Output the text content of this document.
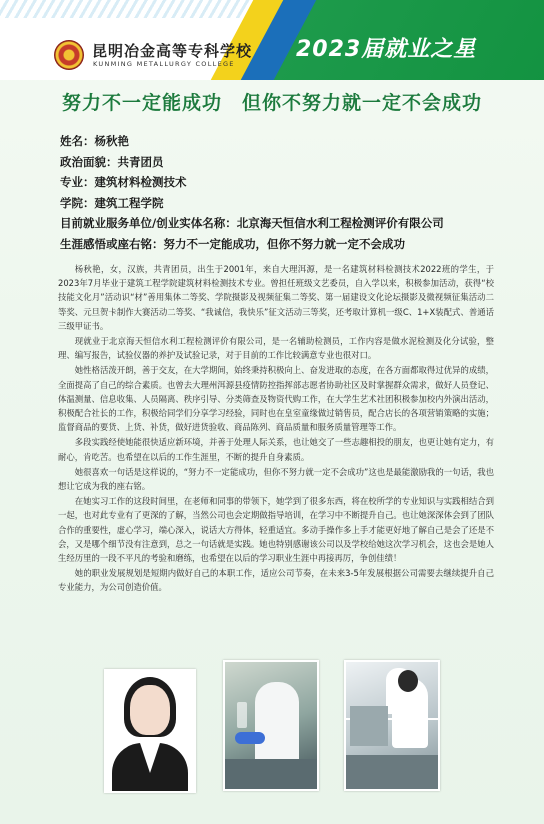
昆明冶金高等专科学校
KUNMING METALLURGY COLLEGE
2023届就业之星
努力不一定能成功　但你不努力就一定不会成功
姓名：杨秋艳
政治面貌：共青团员
专业：建筑材料检测技术
学院：建筑工程学院
目前就业服务单位/创业实体名称：北京海天恒信水利工程检测评价有限公司
生涯感悟或座右铭：努力不一定能成功，但你不努力就一定不会成功

杨秋艳，女，汉族，共青团员，出生于2001年，来自大理洱源，是一名建筑材料检测技术2022班的学生，于2023年7月毕业于建筑工程学院建筑材料检测技术专业。曾担任班级文艺委员，自入学以来，积极参加活动，获得“校技能文化月”活动识“材”善用集体二等奖、学院摄影及视频征集二等奖、第一届建设文化论坛摄影及微视频征集活动二等奖、元旦贺卡制作大赛活动二等奖、“我诚信，我快乐”征文活动三等奖，还考取计算机一级C、1+X装配式、普通话三级甲证书。

现就业于北京海天恒信水利工程检测评价有限公司，是一名辅助检测员，工作内容是做水泥检测及化分试验，整理、编写报告，试验仪器的养护及试验记录，对于目前的工作比较满意专业也很对口。

她性格活泼开朗，善于交友，在大学期间，始终秉持积极向上、奋发进取的态度，在各方面都取得过优异的成绩，全面提高了自己的综合素质。也曾去大理州洱源县疫情防控指挥部志愿者协助社区及时掌握群众需求，做好人员登记、体温测量、信息收集、人员隔离、秩序引导、分类筛查及物资代购工作，在大学生艺术社团积极参加校内外演出活动，积极配合社长的工作，积极给同学们分享学习经验，同时也在皇室童缘做过销售员，配合店长的各项营销策略的实施；监督商品的要货、上货、补货，做好进货验收、商品陈列、商品质量和服务质量管理等工作。

多段实践经使她能很快适应新环境，并善于处理人际关系，也让她交了一些志趣相投的朋友，也更让她有定力，有耐心，肯吃苦。也希望在以后的工作生涯里，不断的提升自身素质。

她很喜欢一句话是这样说的，“努力不一定能成功，但你不努力就一定不会成功”这也是最能激励我的一句话，我也想让它成为我的座右铭。

在她实习工作的这段时间里，在老师和同事的带领下，她学到了很多东西，将在校所学的专业知识与实践相结合到一起，也对此专业有了更深的了解，当然公司也会定期做指导培训，在学习中不断提升自己。也让她深深体会到了团队合作的重要性，虚心学习，端心深入，说话大方得体，轻重适宜。多动手操作多上手才能更好地了解自己是会了还是不会，又是哪个细节没有注意到，总之一句话就是实践。她也特别感谢该公司以及学校给她这次学习机会，这也会是她人生经历里的一段不平凡的考验和磨练，也希望在以后的学习职业生涯中再接再厉，争创佳绩！

她的职业发展规划是短期内做好自己的本职工作，适应公司节奏，在未来3-5年发展根据公司需要去继续提升自己专业能力，为公司创造价值。
